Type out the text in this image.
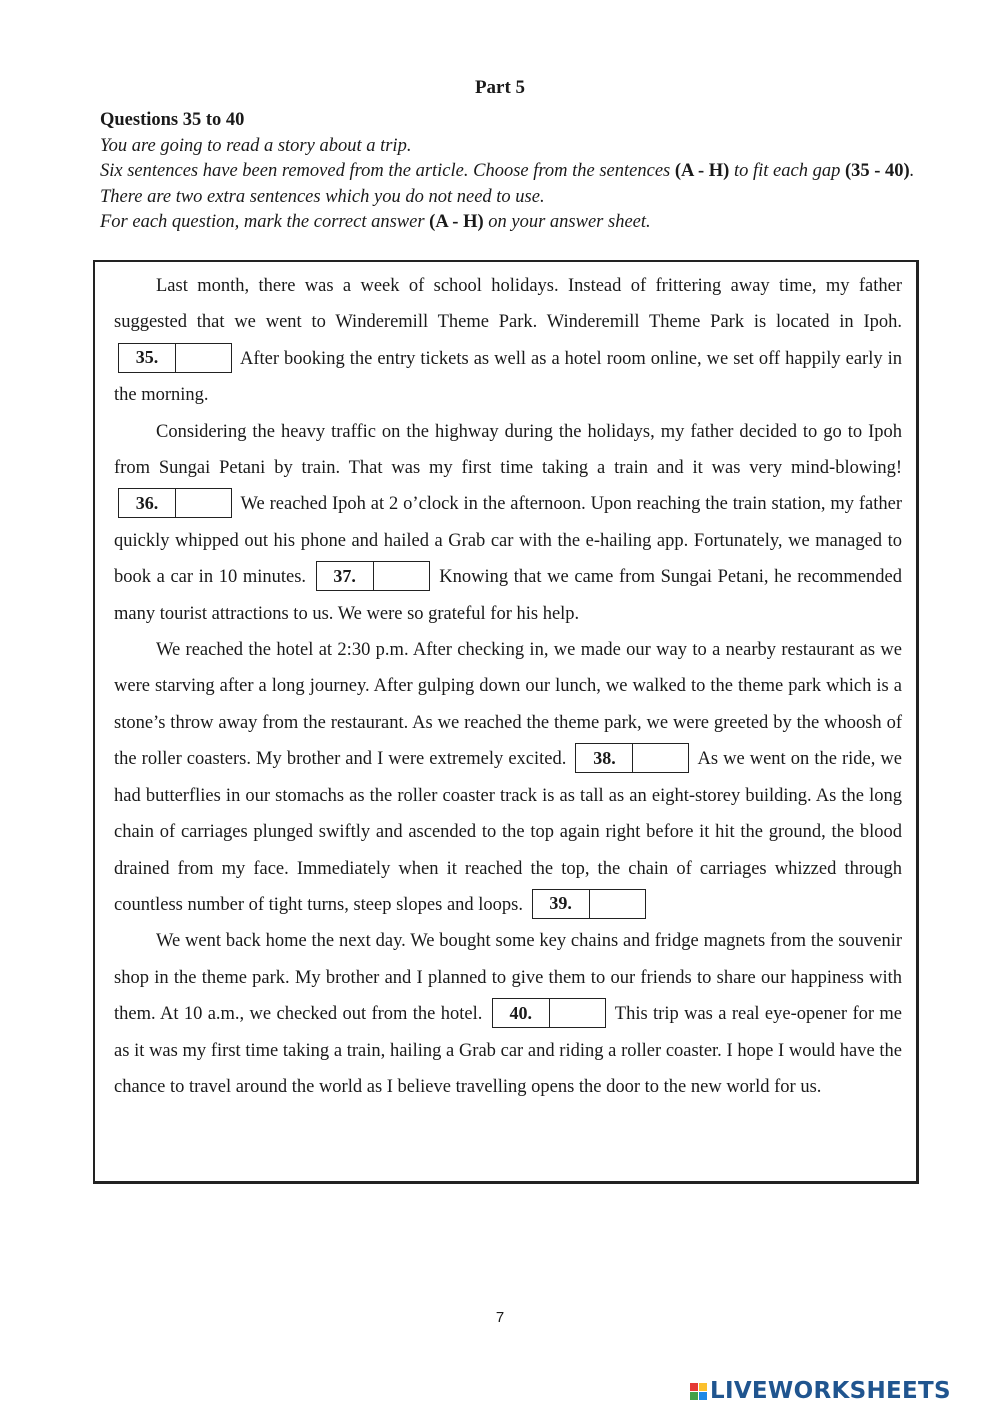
Part 5
Questions 35 to 40
You are going to read a story about a trip.
Six sentences have been removed from the article. Choose from the sentences (A - H) to fit each gap (35 - 40). There are two extra sentences which you do not need to use.
For each question, mark the correct answer (A - H) on your answer sheet.

Last month, there was a week of school holidays. Instead of frittering away time, my father suggested that we went to Winderemill Theme Park. Winderemill Theme Park is located in Ipoh.
35.	After booking the entry tickets as well as a hotel room online, we set off happily early in the morning.

Considering the heavy traffic on the highway during the holidays, my father decided to go to Ipoh from Sungai Petani by train. That was my first time taking a train and it was very mind-blowing!
36.	We reached Ipoh at 2 o’clock in the afternoon. Upon reaching the train station, my father quickly whipped out his phone and hailed a Grab car with the e-hailing app. Fortunately, we managed to book a car in 10 minutes.	37.	Knowing that we came from Sungai Petani, he recommended many tourist attractions to us. We were so grateful for his help.

We reached the hotel at 2:30 p.m. After checking in, we made our way to a nearby restaurant as we were starving after a long journey. After gulping down our lunch, we walked to the theme park which is a stone’s throw away from the restaurant. As we reached the theme park, we were greeted by the whoosh of the roller coasters. My brother and I were extremely excited.	38.	As we went on the ride, we had butterflies in our stomachs as the roller coaster track is as tall as an eight-storey building. As the long chain of carriages plunged swiftly and ascended to the top again right before it hit the ground, the blood drained from my face. Immediately when it reached the top, the chain of carriages whizzed through countless number of tight turns, steep slopes and loops.	39.

We went back home the next day. We bought some key chains and fridge magnets from the souvenir shop in the theme park. My brother and I planned to give them to our friends to share our happiness with them. At 10 a.m., we checked out from the hotel.	40.	This trip was a real eye-opener for me as it was my first time taking a train, hailing a Grab car and riding a roller coaster. I hope I would have the chance to travel around the world as I believe travelling opens the door to the new world for us.

7
LIVEWORKSHEETS
